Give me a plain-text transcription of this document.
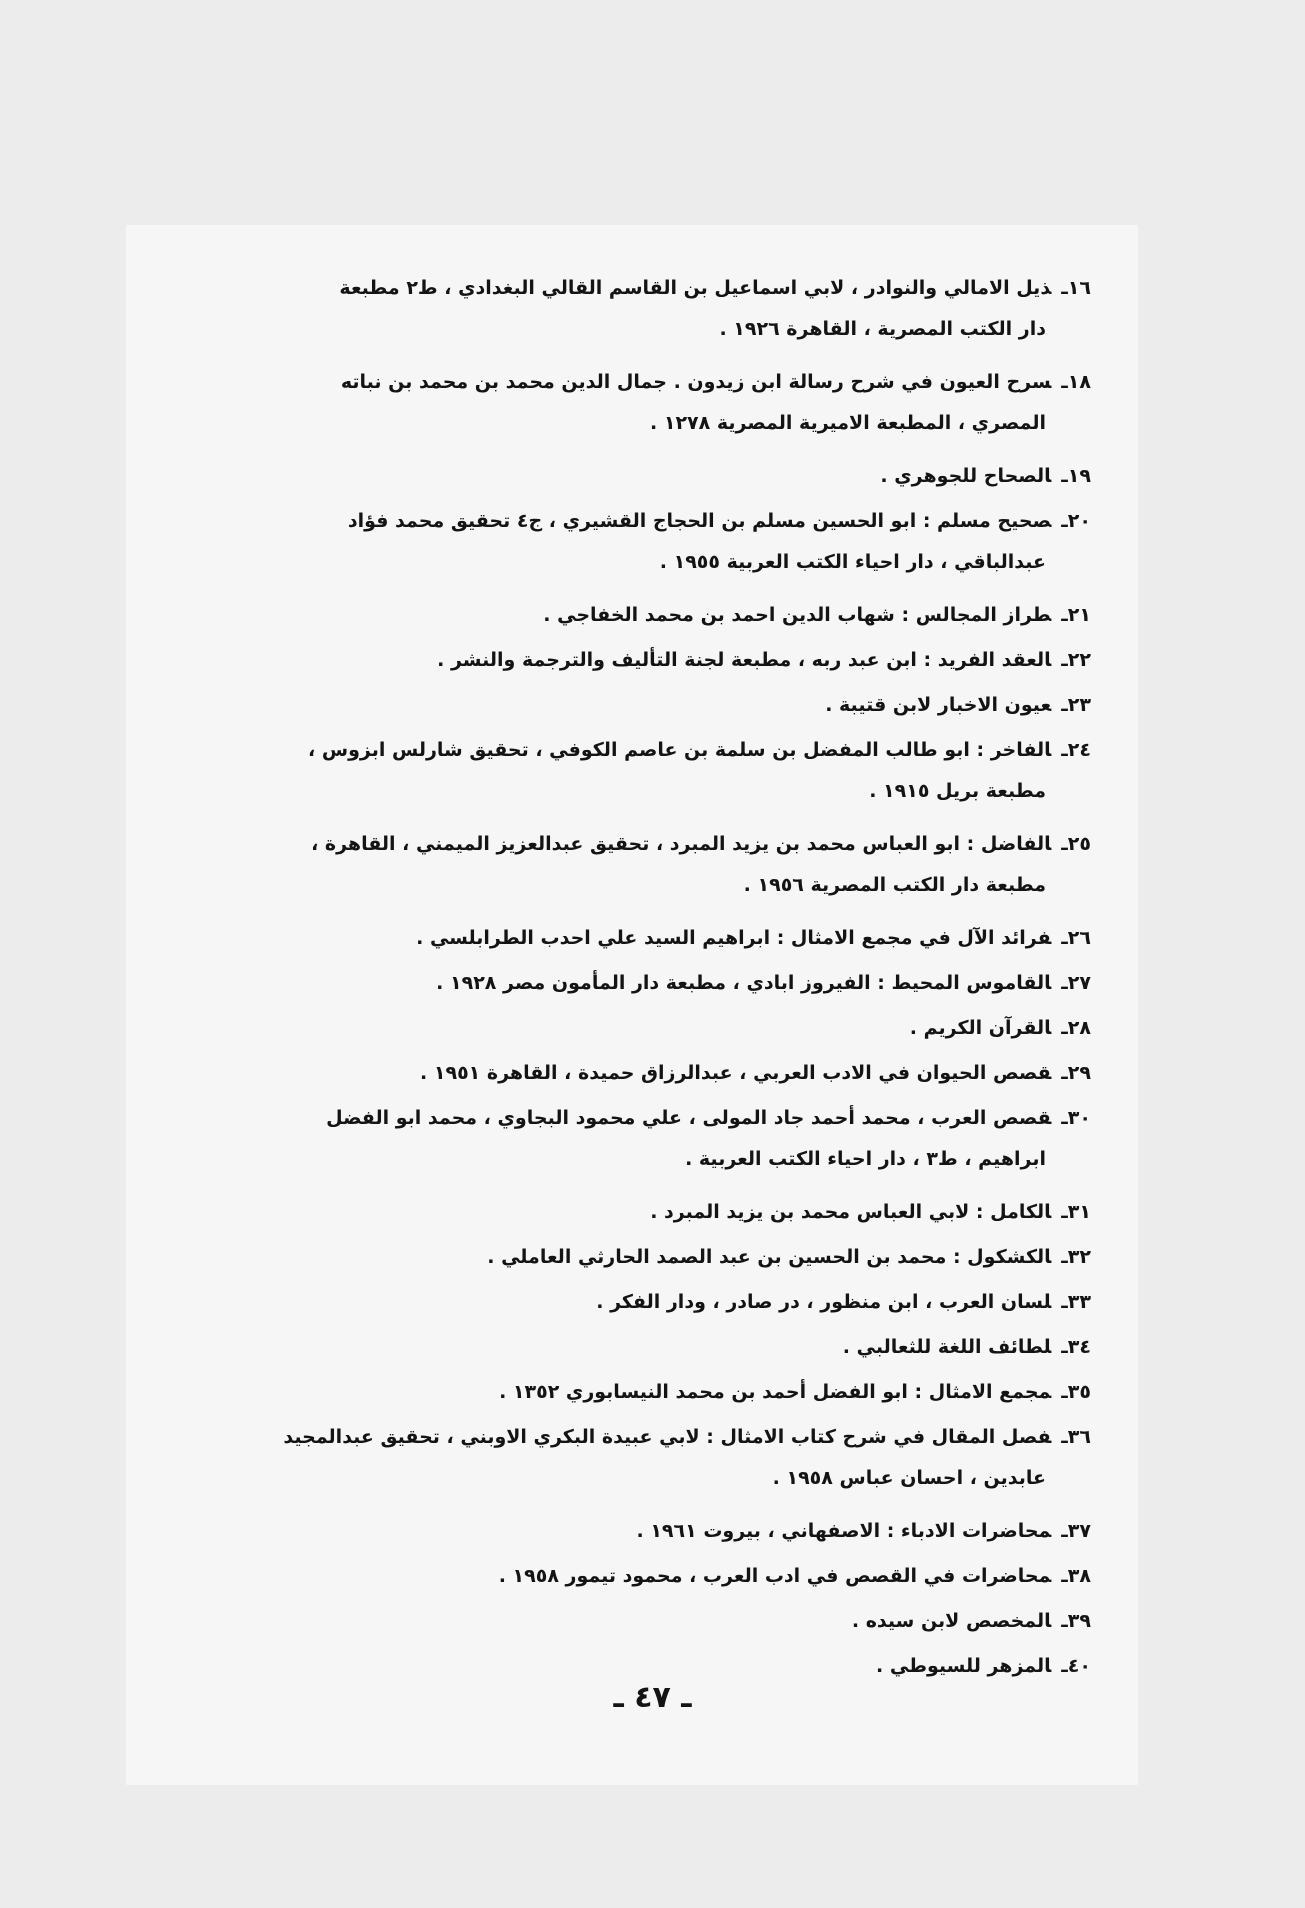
١٦ـذيل الامالي والنوادر ، لابي اسماعيل بن القاسم القالي البغدادي ، ط٢ مطبعة
دار الكتب المصرية ، القاهرة ١٩٢٦ .
١٨ـسرح العيون في شرح رسالة ابن زيدون . جمال الدين محمد بن محمد بن نباته
المصري ، المطبعة الاميرية المصرية ١٢٧٨ .
١٩ـالصحاح للجوهري .
٢٠ـصحيح مسلم : ابو الحسين مسلم بن الحجاج القشيري ، ج٤ تحقيق محمد فؤاد
عبدالباقي ، دار احياء الكتب العربية ١٩٥٥ .
٢١ـطراز المجالس : شهاب الدين احمد بن محمد الخفاجي .
٢٢ـالعقد الفريد : ابن عبد ربه ، مطبعة لجنة التأليف والترجمة والنشر .
٢٣ـعيون الاخبار لابن قتيبة .
٢٤ـالفاخر : ابو طالب المفضل بن سلمة بن عاصم الكوفي ، تحقيق شارلس ابزوس ،
مطبعة بريل ١٩١٥ .
٢٥ـالفاضل : ابو العباس محمد بن يزيد المبرد ، تحقيق عبدالعزيز الميمني ، القاهرة ،
مطبعة دار الكتب المصرية ١٩٥٦ .
٢٦ـفرائد الآل في مجمع الامثال : ابراهيم السيد علي احدب الطرابلسي .
٢٧ـالقاموس المحيط : الفيروز ابادي ، مطبعة دار المأمون مصر ١٩٢٨ .
٢٨ـالقرآن الكريم .
٢٩ـقصص الحيوان في الادب العربي ، عبدالرزاق حميدة ، القاهرة ١٩٥١ .
٣٠ـقصص العرب ، محمد أحمد جاد المولى ، علي محمود البجاوي ، محمد ابو الفضل
ابراهيم ، ط٣ ، دار احياء الكتب العربية .
٣١ـالكامل : لابي العباس محمد بن يزيد المبرد .
٣٢ـالكشكول : محمد بن الحسين بن عبد الصمد الحارثي العاملي .
٣٣ـلسان العرب ، ابن منظور ، در صادر ، ودار الفكر .
٣٤ـلطائف اللغة للثعالبي .
٣٥ـمجمع الامثال : ابو الفضل أحمد بن محمد النيسابوري ١٣٥٢ .
٣٦ـفصل المقال في شرح كتاب الامثال : لابي عبيدة البكري الاوبني ، تحقيق عبدالمجيد
عابدين ، احسان عباس ١٩٥٨ .
٣٧ـمحاضرات الادباء : الاصفهاني ، بيروت ١٩٦١ .
٣٨ـمحاضرات في القصص في ادب العرب ، محمود تيمور ١٩٥٨ .
٣٩ـالمخصص لابن سيده .
٤٠ـالمزهر للسيوطي .
ـ ٤٧ ـ
